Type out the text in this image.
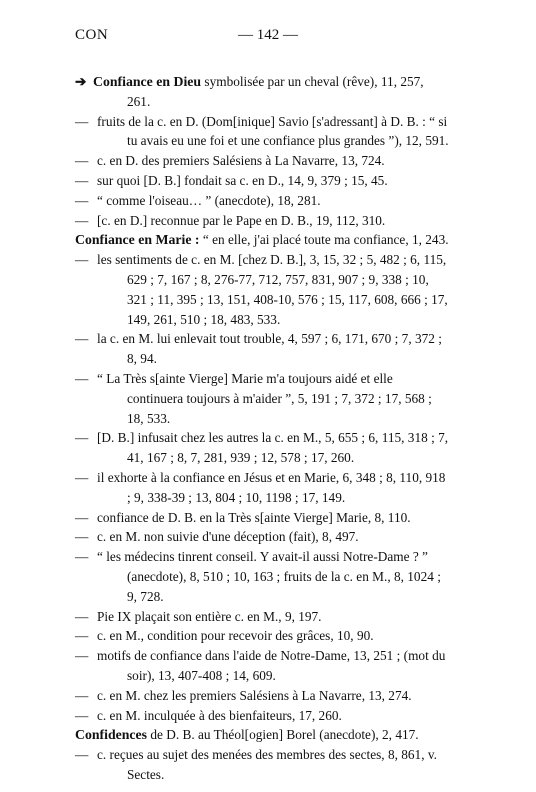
CON	— 142 —
➔ Confiance en Dieu symbolisée par un cheval (rêve), 11, 257, 261.
— fruits de la c. en D. (Dom[inique] Savio [s'adressant] à D. B. : “ si tu avais eu une foi et une confiance plus grandes ”), 12, 591.
— c. en D. des premiers Salésiens à La Navarre, 13, 724.
— sur quoi [D. B.] fondait sa c. en D., 14, 9, 379 ; 15, 45.
— “ comme l'oiseau… ” (anecdote), 18, 281.
— [c. en D.] reconnue par le Pape en D. B., 19, 112, 310.
Confiance en Marie : “ en elle, j'ai placé toute ma confiance, 1, 243.
— les sentiments de c. en M. [chez D. B.], 3, 15, 32 ; 5, 482 ; 6, 115, 629 ; 7, 167 ; 8, 276-77, 712, 757, 831, 907 ; 9, 338 ; 10, 321 ; 11, 395 ; 13, 151, 408-10, 576 ; 15, 117, 608, 666 ; 17, 149, 261, 510 ; 18, 483, 533.
— la c. en M. lui enlevait tout trouble, 4, 597 ; 6, 171, 670 ; 7, 372 ; 8, 94.
— “ La Très s[ainte Vierge] Marie m'a toujours aidé et elle continuera toujours à m'aider ”, 5, 191 ; 7, 372 ; 17, 568 ; 18, 533.
— [D. B.] infusait chez les autres la c. en M., 5, 655 ; 6, 115, 318 ; 7, 41, 167 ; 8, 7, 281, 939 ; 12, 578 ; 17, 260.
— il exhorte à la confiance en Jésus et en Marie, 6, 348 ; 8, 110, 918 ; 9, 338-39 ; 13, 804 ; 10, 1198 ; 17, 149.
— confiance de D. B. en la Très s[ainte Vierge] Marie, 8, 110.
— c. en M. non suivie d'une déception (fait), 8, 497.
— “ les médecins tinrent conseil. Y avait-il aussi Notre-Dame ? ” (anecdote), 8, 510 ; 10, 163 ; fruits de la c. en M., 8, 1024 ; 9, 728.
— Pie IX plaçait son entière c. en M., 9, 197.
— c. en M., condition pour recevoir des grâces, 10, 90.
— motifs de confiance dans l'aide de Notre-Dame, 13, 251 ; (mot du soir), 13, 407-408 ; 14, 609.
— c. en M. chez les premiers Salésiens à La Navarre, 13, 274.
— c. en M. inculquée à des bienfaiteurs, 17, 260.
Confidences de D. B. au Théol[ogien] Borel (anecdote), 2, 417.
— c. reçues au sujet des menées des membres des sectes, 8, 861, v. Sectes.
